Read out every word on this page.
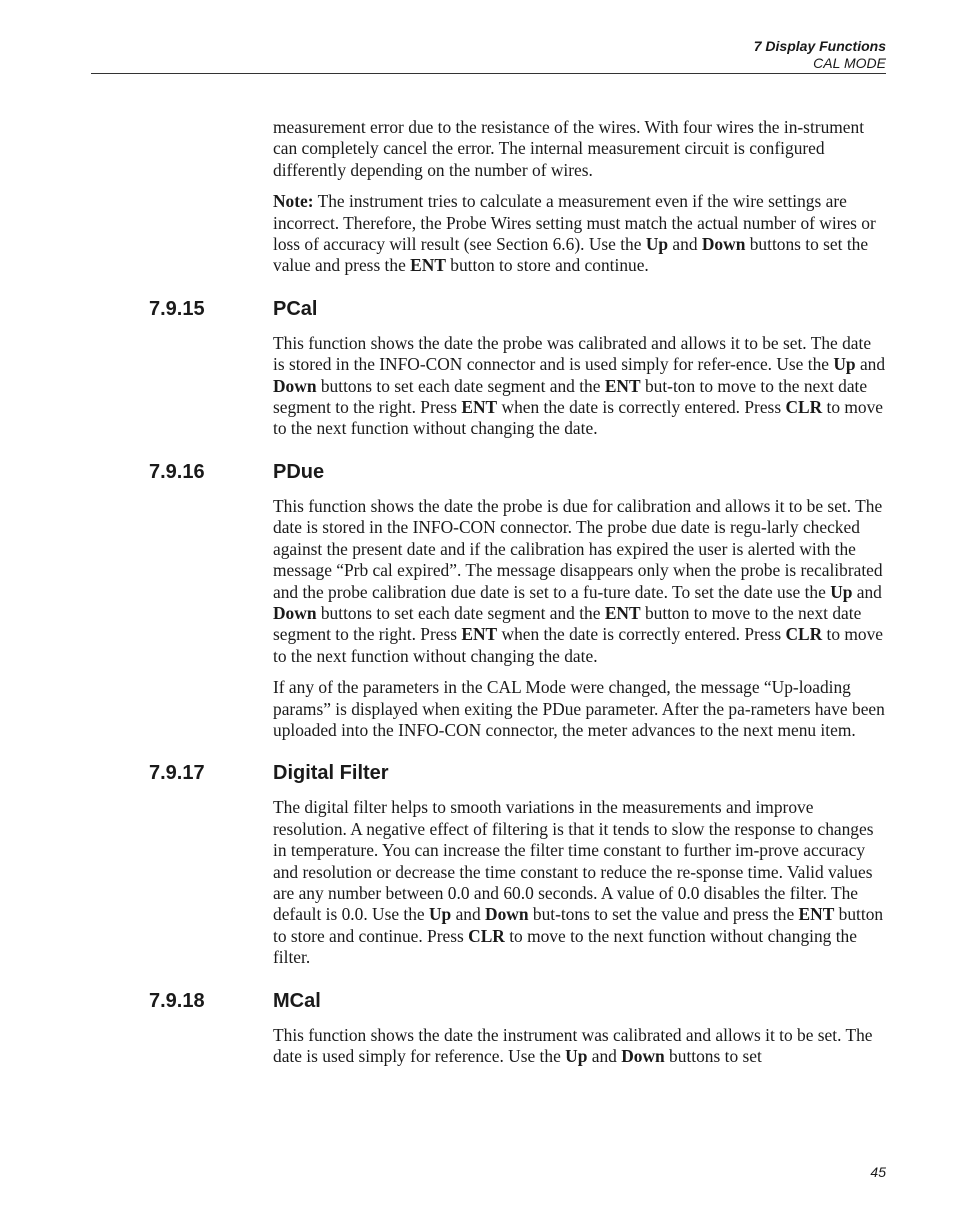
7 Display Functions
CAL MODE

measurement error due to the resistance of the wires. With four wires the in-strument can completely cancel the error. The internal measurement circuit is configured differently depending on the number of wires.

Note: The instrument tries to calculate a measurement even if the wire settings are incorrect. Therefore, the Probe Wires setting must match the actual number of wires or loss of accuracy will result (see Section 6.6). Use the Up and Down buttons to set the value and press the ENT button to store and continue.

7.9.15	PCal

This function shows the date the probe was calibrated and allows it to be set. The date is stored in the INFO-CON connector and is used simply for refer-ence. Use the Up and Down buttons to set each date segment and the ENT but-ton to move to the next date segment to the right. Press ENT when the date is correctly entered. Press CLR to move to the next function without changing the date.

7.9.16	PDue

This function shows the date the probe is due for calibration and allows it to be set. The date is stored in the INFO-CON connector. The probe due date is regu-larly checked against the present date and if the calibration has expired the user is alerted with the message “Prb cal expired”. The message disappears only when the probe is recalibrated and the probe calibration due date is set to a fu-ture date. To set the date use the Up and Down buttons to set each date segment and the ENT button to move to the next date segment to the right. Press ENT when the date is correctly entered. Press CLR to move to the next function without changing the date.

If any of the parameters in the CAL Mode were changed, the message “Up-loading params” is displayed when exiting the PDue parameter. After the pa-rameters have been uploaded into the INFO-CON connector, the meter advances to the next menu item.

7.9.17	Digital Filter

The digital filter helps to smooth variations in the measurements and improve resolution. A negative effect of filtering is that it tends to slow the response to changes in temperature. You can increase the filter time constant to further im-prove accuracy and resolution or decrease the time constant to reduce the re-sponse time. Valid values are any number between 0.0 and 60.0 seconds. A value of 0.0 disables the filter. The default is 0.0. Use the Up and Down but-tons to set the value and press the ENT button to store and continue. Press CLR to move to the next function without changing the filter.

7.9.18	MCal

This function shows the date the instrument was calibrated and allows it to be set. The date is used simply for reference. Use the Up and Down buttons to set

45
